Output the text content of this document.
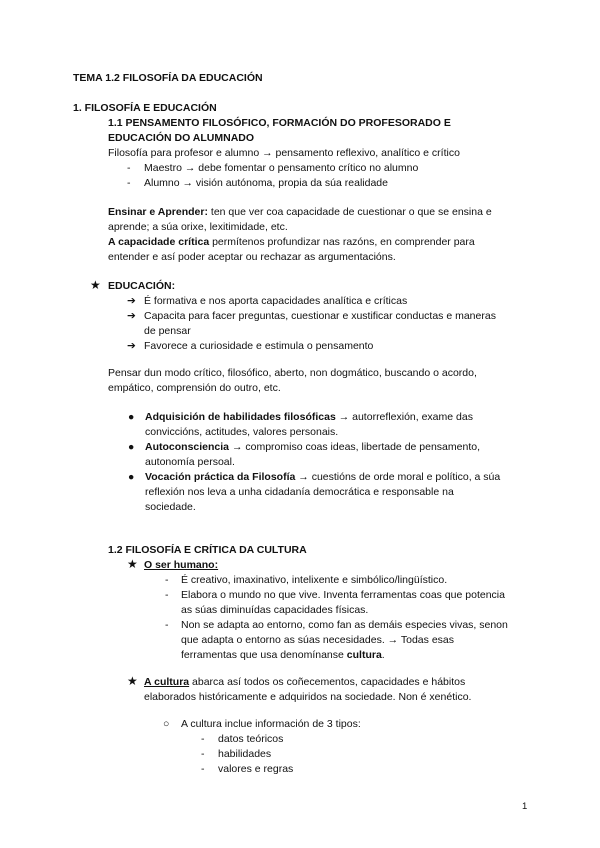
TEMA 1.2 FILOSOFÍA DA EDUCACIÓN
1. FILOSOFÍA E EDUCACIÓN
1.1 PENSAMENTO FILOSÓFICO, FORMACIÓN DO PROFESORADO E
EDUCACIÓN DO ALUMNADO
Filosofía para profesor e alumno → pensamento reflexivo, analítico e crítico
- Maestro → debe fomentar o pensamento crítico no alumno
- Alumno → visión autónoma, propia da súa realidade
Ensinar e Aprender: ten que ver coa capacidade de cuestionar o que se ensina e
aprende; a súa orixe, lexitimidade, etc.
A capacidade crítica permítenos profundizar nas razóns, en comprender para
entender e así poder aceptar ou rechazar as argumentacións.
★ EDUCACIÓN:
➔ É formativa e nos aporta capacidades analítica e críticas
➔ Capacita para facer preguntas, cuestionar e xustificar conductas e maneras
de pensar
➔ Favorece a curiosidade e estimula o pensamento
Pensar dun modo crítico, filosófico, aberto, non dogmático, buscando o acordo,
empático, comprensión do outro, etc.
● Adquisición de habilidades filosóficas → autorreflexión, exame das
conviccións, actitudes, valores personais.
● Autoconsciencia → compromiso coas ideas, libertade de pensamento,
autonomía persoal.
● Vocación práctica da Filosofía → cuestións de orde moral e político, a súa
reflexión nos leva a unha cidadanía democrática e responsable na
sociedade.
1.2 FILOSOFÍA E CRÍTICA DA CULTURA
★ O ser humano:
- É creativo, imaxinativo, intelixente e simbólico/lingüístico.
- Elabora o mundo no que vive. Inventa ferramentas coas que potencia
as súas diminuídas capacidades físicas.
- Non se adapta ao entorno, como fan as demáis especies vivas, senon
que adapta o entorno as súas necesidades. → Todas esas
ferramentas que usa denomínanse cultura.
★ A cultura abarca así todos os coñecementos, capacidades e hábitos
elaborados históricamente e adquiridos na sociedade. Non é xenético.
○ A cultura inclue información de 3 tipos:
- datos teóricos
- habilidades
- valores e regras
1
